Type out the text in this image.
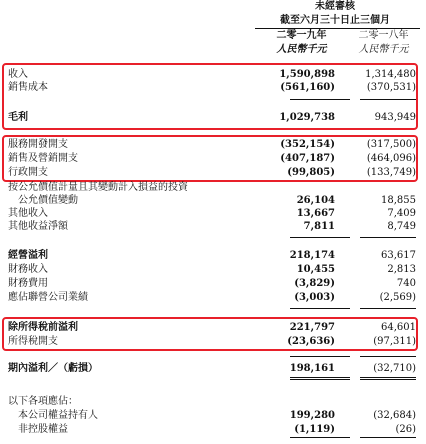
未經審核
截至六月三十日止三個月
二零一九年	二零一八年
人民幣千元	人民幣千元
收入	1,590,898	1,314,480
銷售成本	(561,160)	(370,531)
毛利	1,029,738	943,949
服務開發開支	(352,154)	(317,500)
銷售及營銷開支	(407,187)	(464,096)
行政開支	(99,805)	(133,749)
按公允價值計量且其變動計入損益的投資
公允價值變動	26,104	18,855
其他收入	13,667	7,409
其他收益淨額	7,811	8,749
經營溢利	218,174	63,617
財務收入	10,455	2,813
財務費用	(3,829)	740
應佔聯營公司業績	(3,003)	(2,569)
除所得稅前溢利	221,797	64,601
所得稅開支	(23,636)	(97,311)
期內溢利／（虧損）	198,161	(32,710)
以下各項應佔：
本公司權益持有人	199,280	(32,684)
非控股權益	(1,119)	(26)
